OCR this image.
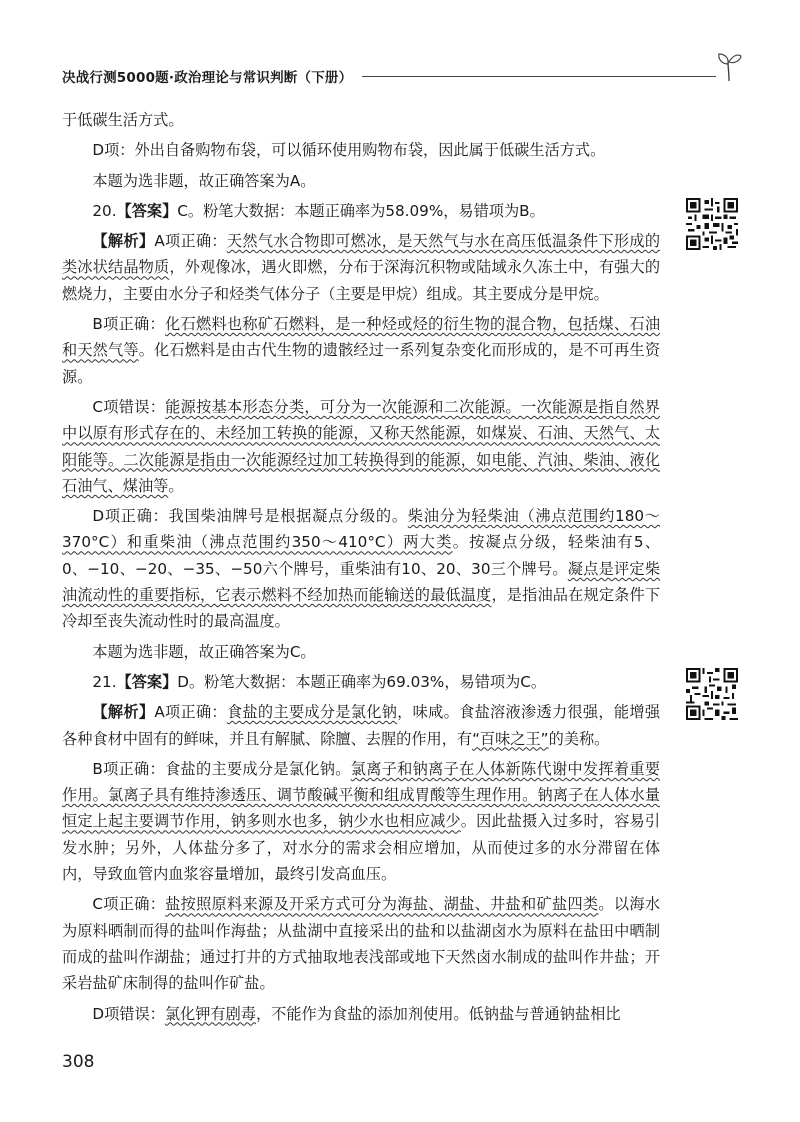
决战行测5000题·政治理论与常识判断（下册）

于低碳生活方式。

D项：外出自备购物布袋，可以循环使用购物布袋，因此属于低碳生活方式。

本题为选非题，故正确答案为A。

20.【答案】C。粉笔大数据：本题正确率为58.09%，易错项为B。

【解析】A项正确：天然气水合物即可燃冰，是天然气与水在高压低温条件下形成的类冰状结晶物质，外观像冰，遇火即燃，分布于深海沉积物或陆域永久冻土中，有强大的燃烧力，主要由水分子和烃类气体分子（主要是甲烷）组成。其主要成分是甲烷。

B项正确：化石燃料也称矿石燃料，是一种烃或烃的衍生物的混合物，包括煤、石油和天然气等。化石燃料是由古代生物的遗骸经过一系列复杂变化而形成的，是不可再生资源。

C项错误：能源按基本形态分类，可分为一次能源和二次能源。一次能源是指自然界中以原有形式存在的、未经加工转换的能源，又称天然能源，如煤炭、石油、天然气、太阳能等。二次能源是指由一次能源经过加工转换得到的能源，如电能、汽油、柴油、液化石油气、煤油等。

D项正确：我国柴油牌号是根据凝点分级的。柴油分为轻柴油（沸点范围约180～370°C）和重柴油（沸点范围约350～410°C）两大类。按凝点分级，轻柴油有5、0、−10、−20、−35、−50六个牌号，重柴油有10、20、30三个牌号。凝点是评定柴油流动性的重要指标，它表示燃料不经加热而能输送的最低温度，是指油品在规定条件下冷却至丧失流动性时的最高温度。

本题为选非题，故正确答案为C。

21.【答案】D。粉笔大数据：本题正确率为69.03%，易错项为C。

【解析】A项正确：食盐的主要成分是氯化钠，味咸。食盐溶液渗透力很强，能增强各种食材中固有的鲜味，并且有解腻、除膻、去腥的作用，有“百味之王”的美称。

B项正确：食盐的主要成分是氯化钠。氯离子和钠离子在人体新陈代谢中发挥着重要作用。氯离子具有维持渗透压、调节酸碱平衡和组成胃酸等生理作用。钠离子在人体水量恒定上起主要调节作用，钠多则水也多，钠少水也相应减少。因此盐摄入过多时，容易引发水肿；另外，人体盐分多了，对水分的需求会相应增加，从而使过多的水分滞留在体内，导致血管内血浆容量增加，最终引发高血压。

C项正确：盐按照原料来源及开采方式可分为海盐、湖盐、井盐和矿盐四类。以海水为原料晒制而得的盐叫作海盐；从盐湖中直接采出的盐和以盐湖卤水为原料在盐田中晒制而成的盐叫作湖盐；通过打井的方式抽取地表浅部或地下天然卤水制成的盐叫作井盐；开采岩盐矿床制得的盐叫作矿盐。

D项错误：氯化钾有剧毒，不能作为食盐的添加剂使用。低钠盐与普通钠盐相比

308
